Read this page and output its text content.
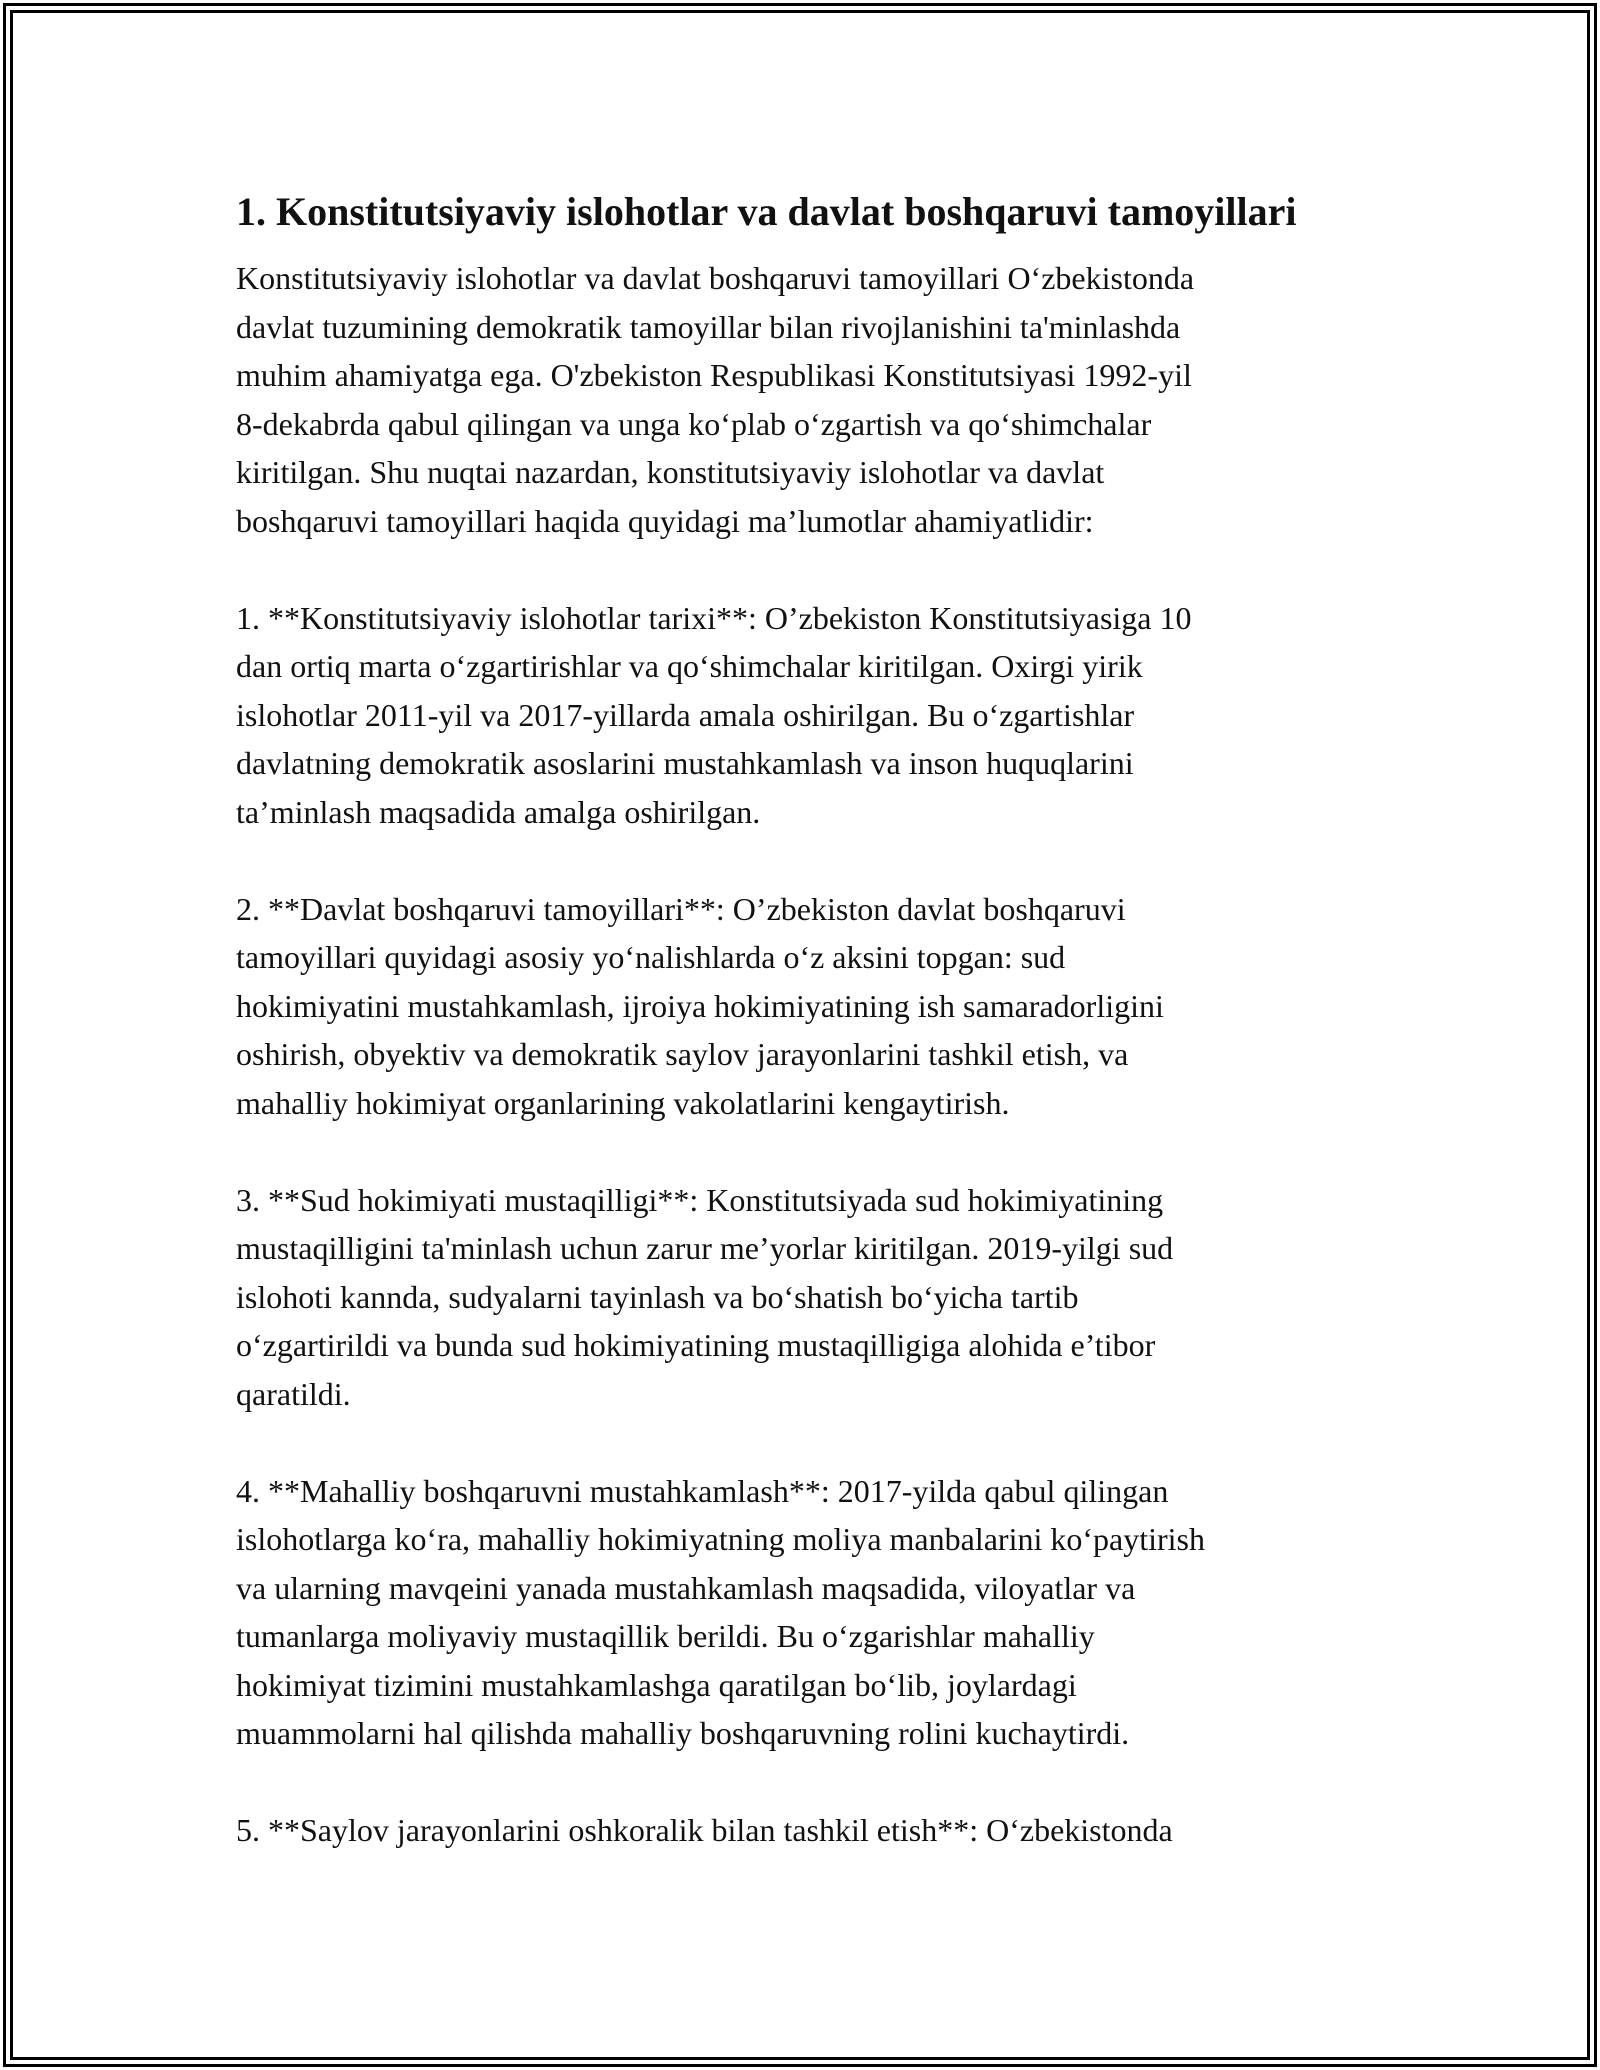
1. Konstitutsiyaviy islohotlar va davlat boshqaruvi tamoyillari
Konstitutsiyaviy islohotlar va davlat boshqaruvi tamoyillari O‘zbekistonda
davlat tuzumining demokratik tamoyillar bilan rivojlanishini ta'minlashda
muhim ahamiyatga ega. O'zbekiston Respublikasi Konstitutsiyasi 1992-yil
8-dekabrda qabul qilingan va unga ko‘plab o‘zgartish va qo‘shimchalar
kiritilgan. Shu nuqtai nazardan, konstitutsiyaviy islohotlar va davlat
boshqaruvi tamoyillari haqida quyidagi ma’lumotlar ahamiyatlidir:

1. **Konstitutsiyaviy islohotlar tarixi**: O’zbekiston Konstitutsiyasiga 10
dan ortiq marta o‘zgartirishlar va qo‘shimchalar kiritilgan. Oxirgi yirik
islohotlar 2011-yil va 2017-yillarda amala oshirilgan. Bu o‘zgartishlar
davlatning demokratik asoslarini mustahkamlash va inson huquqlarini
ta’minlash maqsadida amalga oshirilgan.

2. **Davlat boshqaruvi tamoyillari**: O’zbekiston davlat boshqaruvi
tamoyillari quyidagi asosiy yo‘nalishlarda o‘z aksini topgan: sud
hokimiyatini mustahkamlash, ijroiya hokimiyatining ish samaradorligini
oshirish, obyektiv va demokratik saylov jarayonlarini tashkil etish, va
mahalliy hokimiyat organlarining vakolatlarini kengaytirish.

3. **Sud hokimiyati mustaqilligi**: Konstitutsiyada sud hokimiyatining
mustaqilligini ta'minlash uchun zarur me’yorlar kiritilgan. 2019-yilgi sud
islohoti kannda, sudyalarni tayinlash va bo‘shatish bo‘yicha tartib
o‘zgartirildi va bunda sud hokimiyatining mustaqilligiga alohida e’tibor
qaratildi.

4. **Mahalliy boshqaruvni mustahkamlash**: 2017-yilda qabul qilingan
islohotlarga ko‘ra, mahalliy hokimiyatning moliya manbalarini ko‘paytirish
va ularning mavqeini yanada mustahkamlash maqsadida, viloyatlar va
tumanlarga moliyaviy mustaqillik berildi. Bu o‘zgarishlar mahalliy
hokimiyat tizimini mustahkamlashga qaratilgan bo‘lib, joylardagi
muammolarni hal qilishda mahalliy boshqaruvning rolini kuchaytirdi.

5. **Saylov jarayonlarini oshkoralik bilan tashkil etish**: O‘zbekistonda
